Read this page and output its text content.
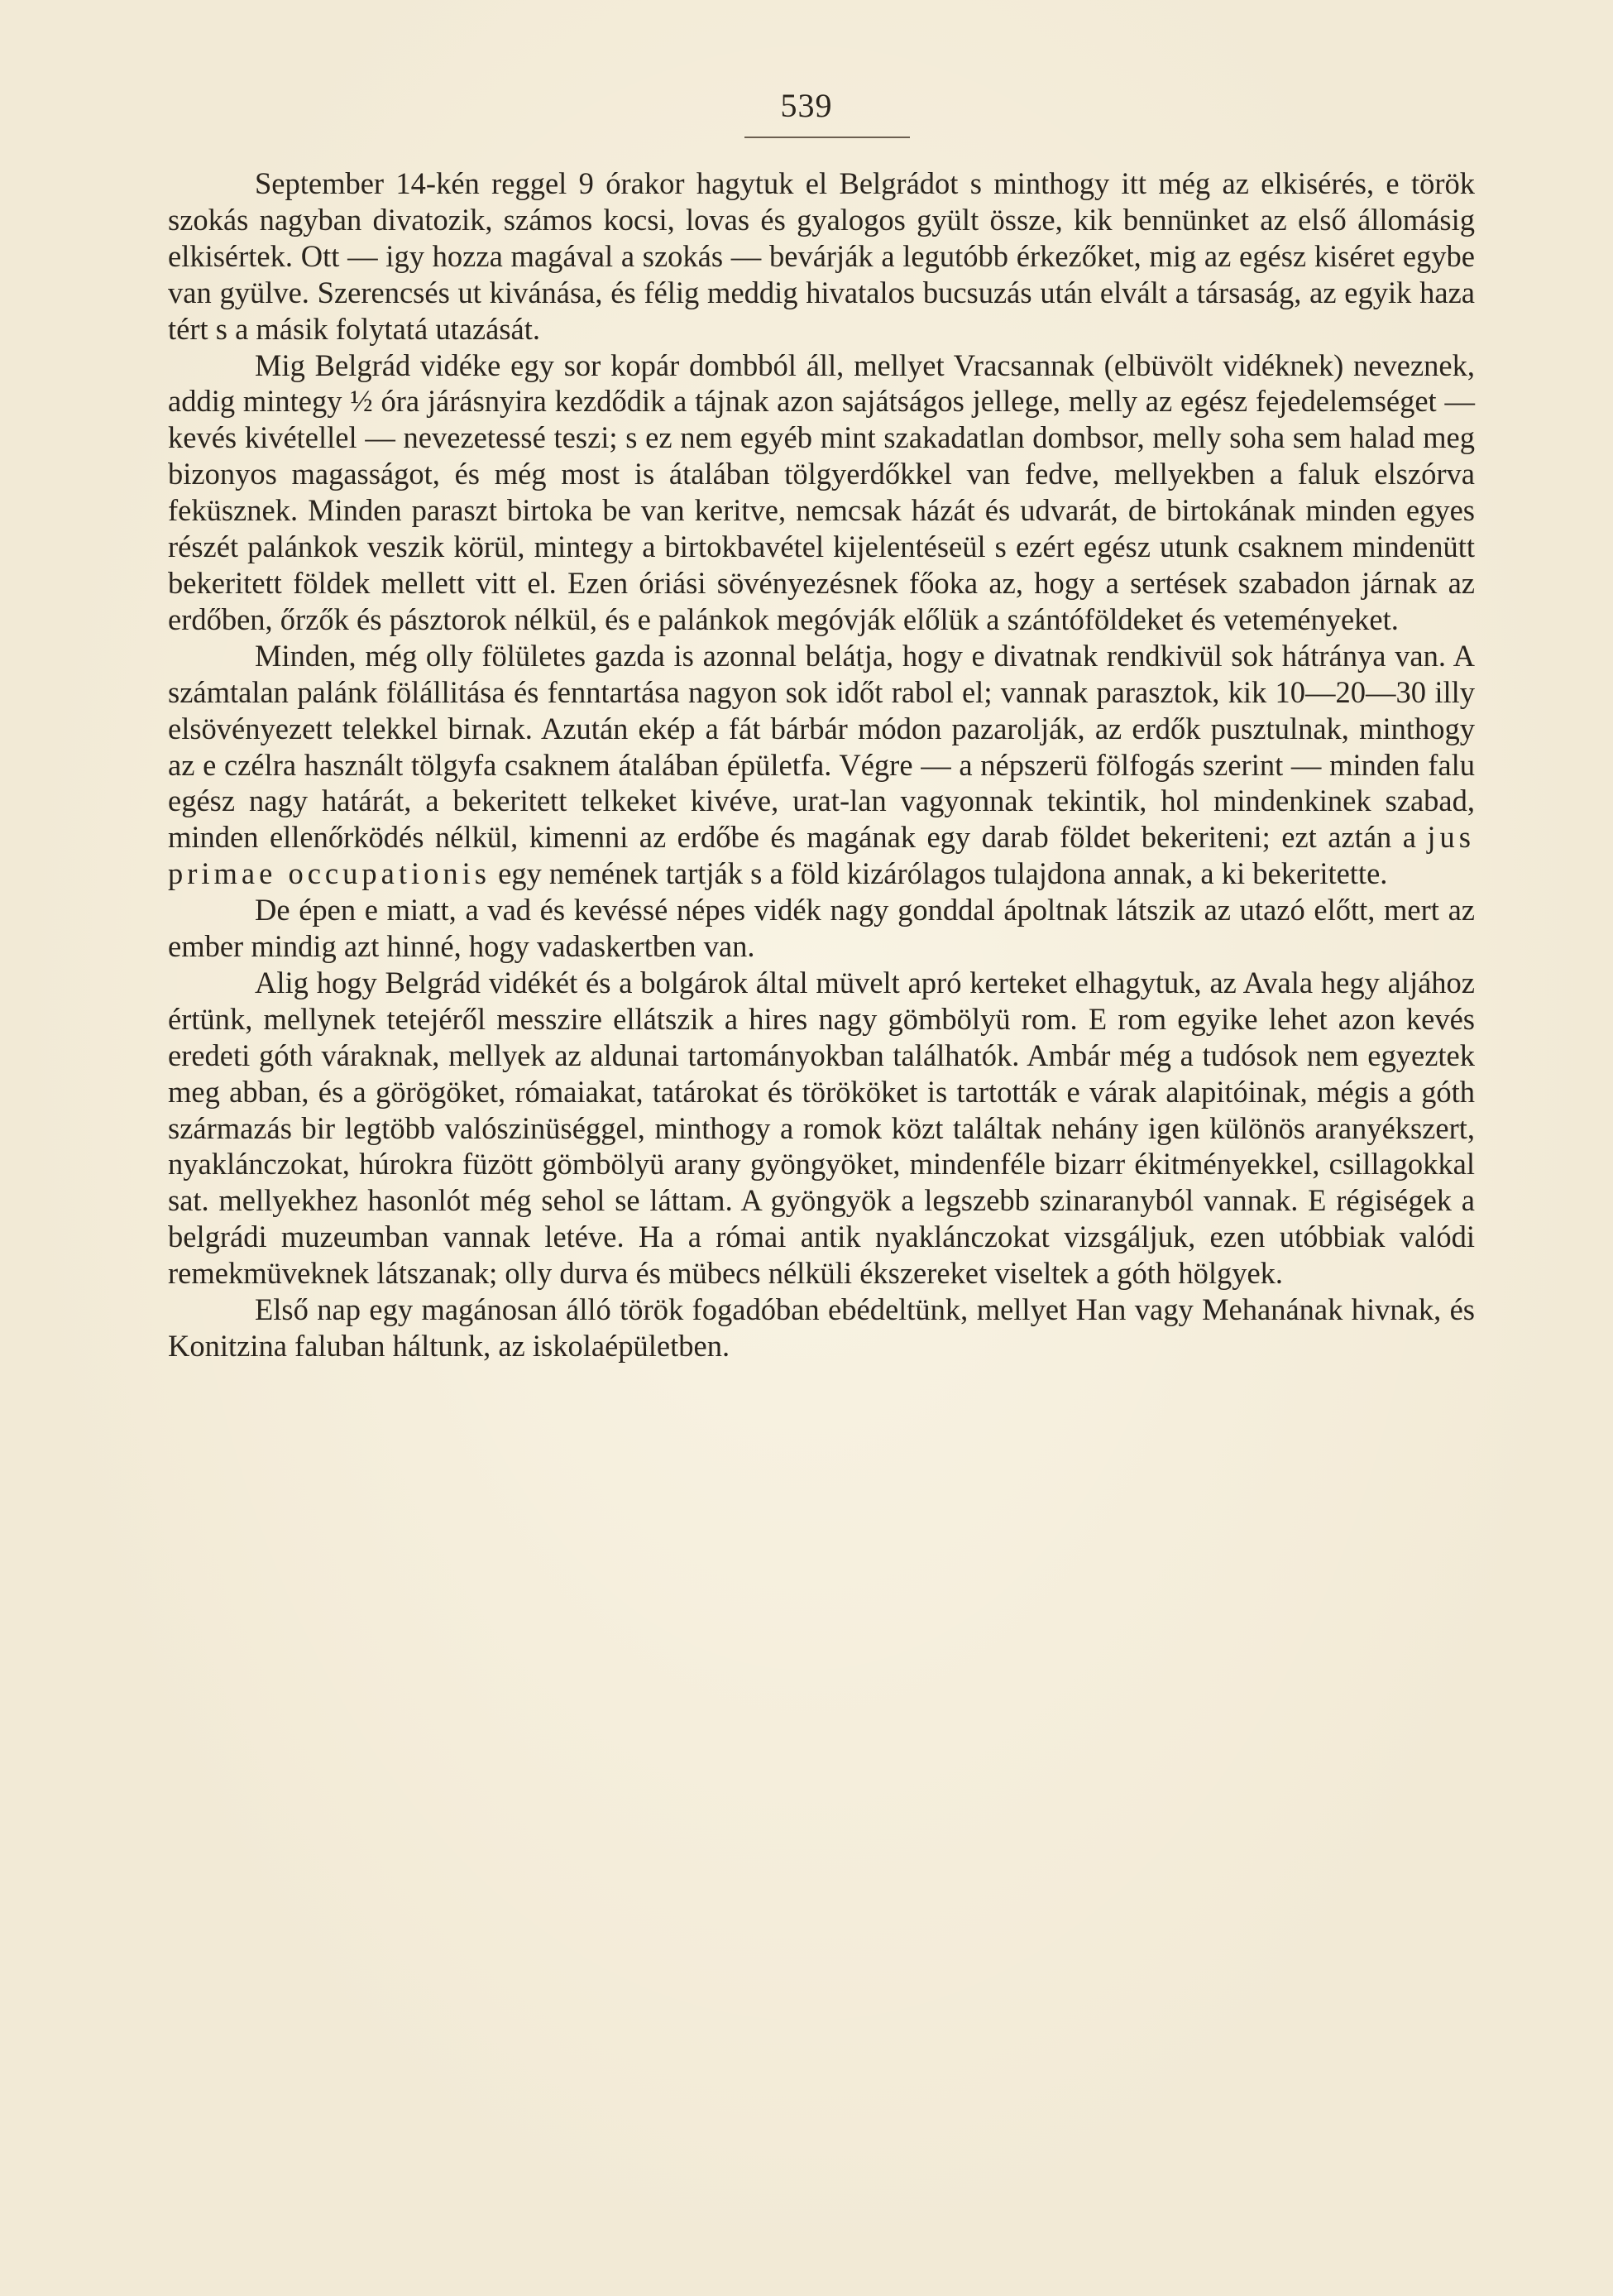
539

September 14-kén reggel 9 órakor hagytuk el Belgrádot s minthogy itt még az elkisérés, e török szokás nagyban divatozik, számos kocsi, lovas és gyalogos gyült össze, kik bennünket az első állomásig elkisértek. Ott — igy hozza magával a szokás — bevárják a legutóbb érkezőket, mig az egész kiséret egybe van gyülve. Szerencsés ut kivánása, és félig meddig hivatalos bucsuzás után elvált a társaság, az egyik haza tért s a másik folytatá utazását.

Mig Belgrád vidéke egy sor kopár dombból áll, mellyet Vracsannak (elbüvölt vidéknek) neveznek, addig mintegy ½ óra járásnyira kezdődik a tájnak azon sajátságos jellege, melly az egész fejedelemséget — kevés kivétellel — nevezetessé teszi; s ez nem egyéb mint szakadatlan dombsor, melly soha sem halad meg bizonyos magasságot, és még most is átalában tölgyerdőkkel van fedve, mellyekben a faluk elszórva feküsznek. Minden paraszt birtoka be van keritve, nemcsak házát és udvarát, de birtokának minden egyes részét palánkok veszik körül, mintegy a birtokbavétel kijelentéseül s ezért egész utunk csaknem mindenütt bekeritett földek mellett vitt el. Ezen óriási sövényezésnek főoka az, hogy a sertések szabadon járnak az erdőben, őrzők és pásztorok nélkül, és e palánkok megóvják előlük a szántóföldeket és veteményeket.

Minden, még olly fölületes gazda is azonnal belátja, hogy e divatnak rendkivül sok hátránya van. A számtalan palánk fölállitása és fenntartása nagyon sok időt rabol el; vannak parasztok, kik 10—20—30 illy elsövényezett telekkel birnak. Azután ekép a fát bárbár módon pazarolják, az erdők pusztulnak, minthogy az e czélra használt tölgyfa csaknem átalában épületfa. Végre — a népszerü fölfogás szerint — minden falu egész nagy határát, a bekeritett telkeket kivéve, urat-lan vagyonnak tekintik, hol mindenkinek szabad, minden ellenőrködés nélkül, kimenni az erdőbe és magának egy darab földet bekeriteni; ezt aztán a jus primae occupationis egy nemének tartják s a föld kizárólagos tulajdona annak, a ki bekeritette.

De épen e miatt, a vad és kevéssé népes vidék nagy gonddal ápoltnak látszik az utazó előtt, mert az ember mindig azt hinné, hogy vadaskertben van.

Alig hogy Belgrád vidékét és a bolgárok által müvelt apró kerteket elhagytuk, az Avala hegy aljához értünk, mellynek tetejéről messzire ellátszik a hires nagy gömbölyü rom. E rom egyike lehet azon kevés eredeti góth váraknak, mellyek az aldunai tartományokban találhatók. Ambár még a tudósok nem egyeztek meg abban, és a görögöket, rómaiakat, tatárokat és törököket is tartották e várak alapitóinak, mégis a góth származás bir legtöbb valószinüséggel, minthogy a romok közt találtak nehány igen különös aranyékszert, nyaklánczokat, húrokra füzött gömbölyü arany gyöngyöket, mindenféle bizarr ékitményekkel, csillagokkal sat. mellyekhez hasonlót még sehol se láttam. A gyöngyök a legszebb szinaranyból vannak. E régiségek a belgrádi muzeumban vannak letéve. Ha a római antik nyaklánczokat vizsgáljuk, ezen utóbbiak valódi remekmüveknek látszanak; olly durva és mübecs nélküli ékszereket viseltek a góth hölgyek.

Első nap egy magánosan álló török fogadóban ebédeltünk, mellyet Han vagy Mehanának hivnak, és Konitzina faluban háltunk, az iskolaépületben.
